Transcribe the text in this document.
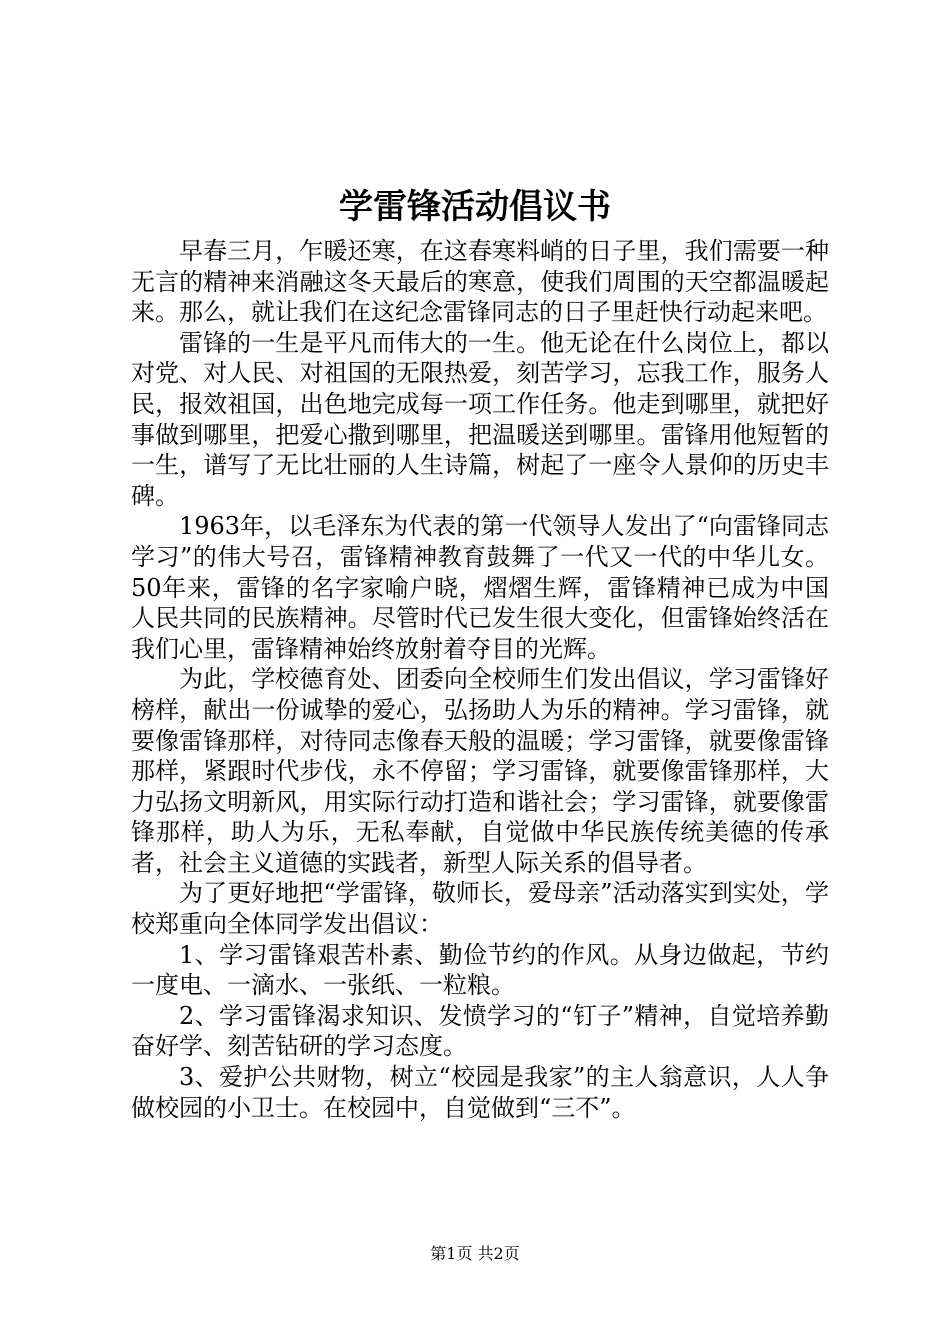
学雷锋活动倡议书

早春三月，乍暖还寒，在这春寒料峭的日子里，我们需要一种无言的精神来消融这冬天最后的寒意，使我们周围的天空都温暖起来。那么，就让我们在这纪念雷锋同志的日子里赶快行动起来吧。

雷锋的一生是平凡而伟大的一生。他无论在什么岗位上，都以对党、对人民、对祖国的无限热爱，刻苦学习，忘我工作，服务人民，报效祖国，出色地完成每一项工作任务。他走到哪里，就把好事做到哪里，把爱心撒到哪里，把温暖送到哪里。雷锋用他短暂的一生，谱写了无比壮丽的人生诗篇，树起了一座令人景仰的历史丰碑。

1963年，以毛泽东为代表的第一代领导人发出了“向雷锋同志学习”的伟大号召，雷锋精神教育鼓舞了一代又一代的中华儿女。50年来，雷锋的名字家喻户晓，熠熠生辉，雷锋精神已成为中国人民共同的民族精神。尽管时代已发生很大变化，但雷锋始终活在我们心里，雷锋精神始终放射着夺目的光辉。

为此，学校德育处、团委向全校师生们发出倡议，学习雷锋好榜样，献出一份诚挚的爱心，弘扬助人为乐的精神。学习雷锋，就要像雷锋那样，对待同志像春天般的温暖；学习雷锋，就要像雷锋那样，紧跟时代步伐，永不停留；学习雷锋，就要像雷锋那样，大力弘扬文明新风，用实际行动打造和谐社会；学习雷锋，就要像雷锋那样，助人为乐，无私奉献，自觉做中华民族传统美德的传承者，社会主义道德的实践者，新型人际关系的倡导者。

为了更好地把“学雷锋，敬师长，爱母亲”活动落实到实处，学校郑重向全体同学发出倡议：

1、学习雷锋艰苦朴素、勤俭节约的作风。从身边做起，节约一度电、一滴水、一张纸、一粒粮。

2、学习雷锋渴求知识、发愤学习的“钉子”精神，自觉培养勤奋好学、刻苦钻研的学习态度。

3、爱护公共财物，树立“校园是我家”的主人翁意识，人人争做校园的小卫士。在校园中，自觉做到“三不”。

第1页 共2页
